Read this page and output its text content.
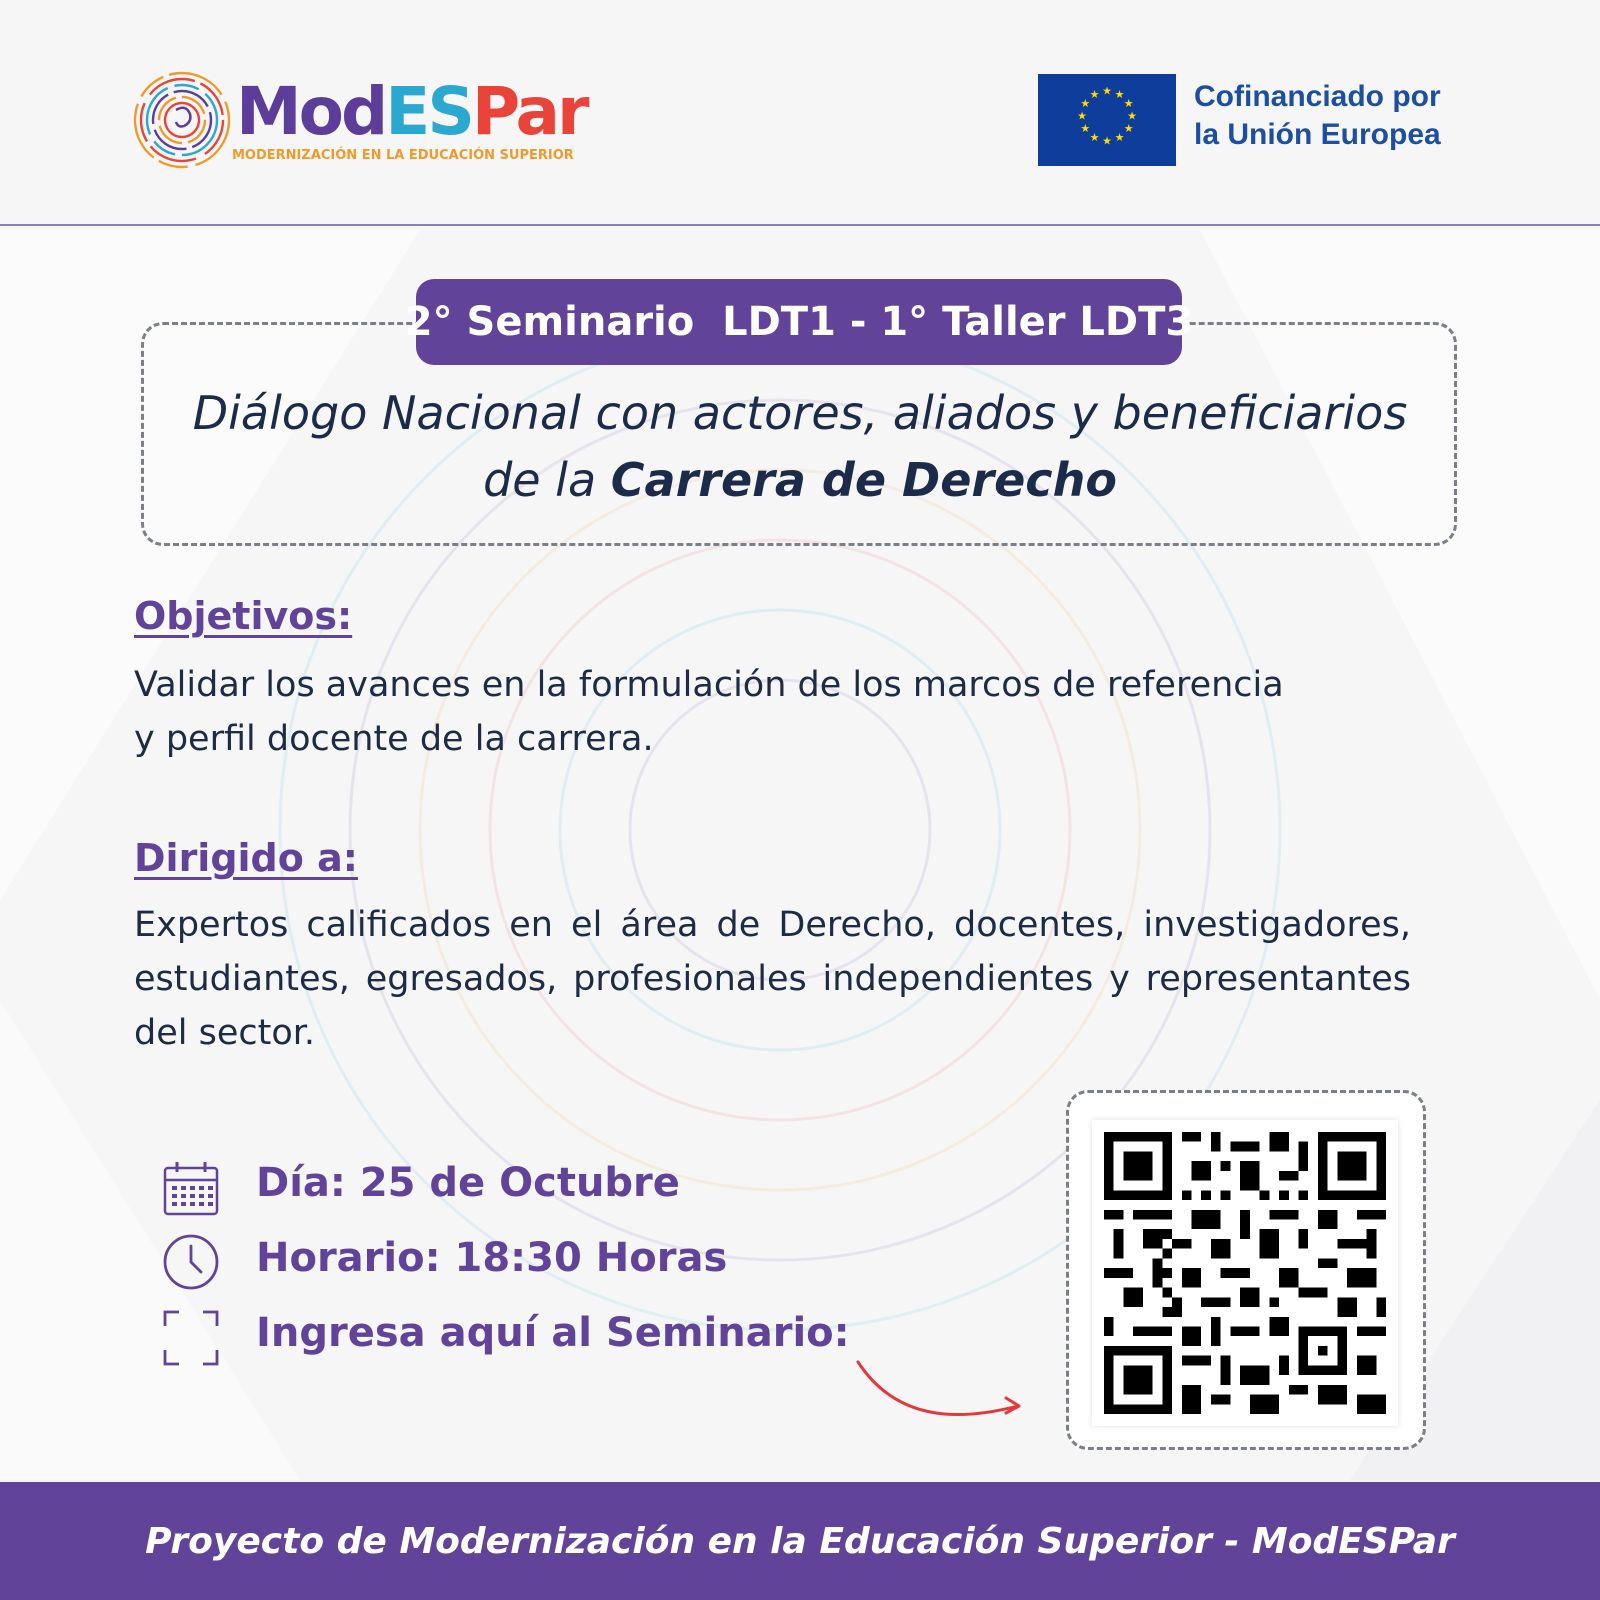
ModESPar
MODERNIZACIÓN EN LA EDUCACIÓN SUPERIOR
★ ★
★
★
★
★
★
★
★
★
★
★	Cofinanciado por
la Unión Europea
2° Seminario  LDT1 - 1° Taller LDT3
Diálogo Nacional con actores, aliados y beneficiarios
de la Carrera de Derecho
Objetivos:
Validar los avances en la formulación de los marcos de referencia
y perfil docente de la carrera.
Dirigido a:
Expertos calificados en el área de Derecho, docentes, investigadores, estudiantes, egresados, profesionales independientes y representantes del sector.
Día: 25 de Octubre
Horario: 18:30 Horas
Ingresa aquí al Seminario:
Proyecto de Modernización en la Educación Superior - ModESPar
